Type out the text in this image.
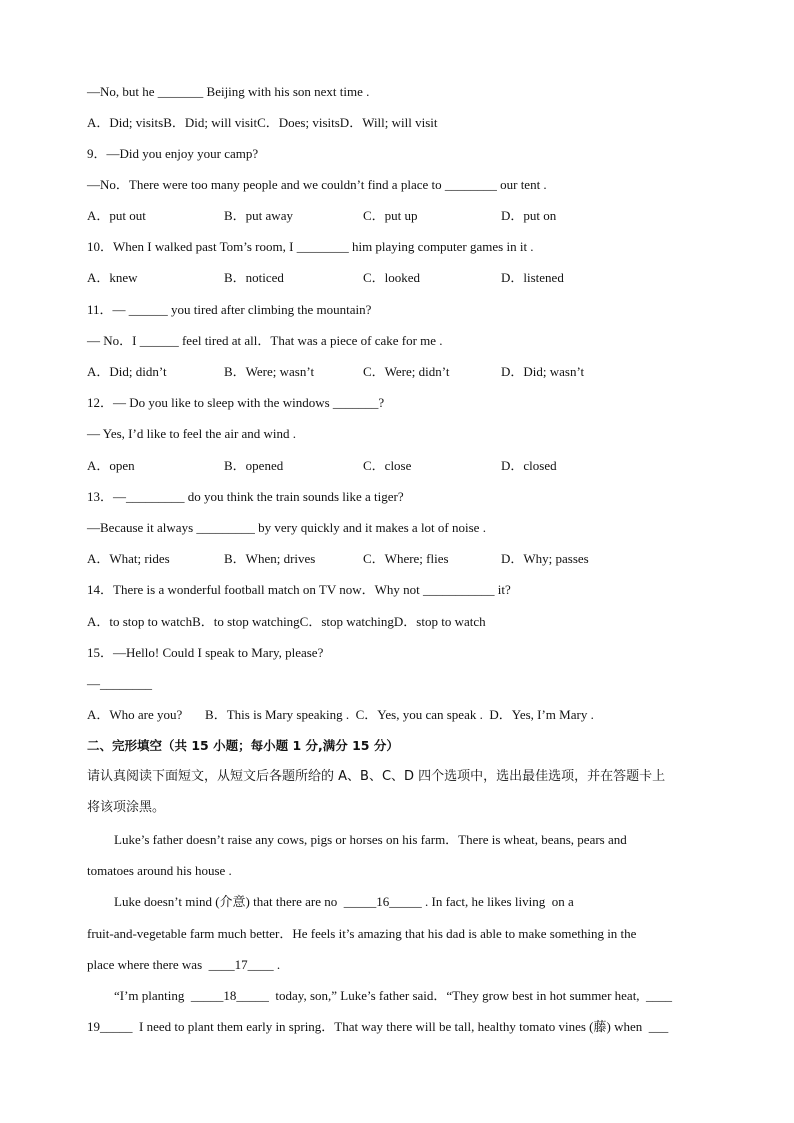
—No, but he _______ Beijing with his son next time .
A．Did; visitsB．Did; will visitC．Does; visitsD．Will; will visit
9．—Did you enjoy your camp?
—No．There were too many people and we couldn’t find a place to ________ our tent .
A．put out	B．put away	C．put up	D．put on
10．When I walked past Tom’s room, I ________ him playing computer games in it .
A．knew	B．noticed	C．looked	D．listened
11．— ______ you tired after climbing the mountain?
— No．I ______ feel tired at all．That was a piece of cake for me .
A．Did; didn’t	B．Were; wasn’t	C．Were; didn’t	D．Did; wasn’t
12．— Do you like to sleep with the windows _______?
— Yes, I’d like to feel the air and wind .
A．open	B．opened	C．close	D．closed
13．—_________ do you think the train sounds like a tiger?
—Because it always _________ by very quickly and it makes a lot of noise .
A．What; rides	B．When; drives	C．Where; flies	D．Why; passes
14．There is a wonderful football match on TV now．Why not ___________ it?
A．to stop to watchB．to stop watchingC．stop watchingD．stop to watch
15．—Hello! Could I speak to Mary, please?
—________
A．Who are you?       B．This is Mary speaking .  C．Yes, you can speak .  D．Yes, I’m Mary .
二、完形填空（共 15 小题；每小题 1 分,满分 15 分）
请认真阅读下面短文，从短文后各题所给的 A、B、C、D 四个选项中，选出最佳选项，并在答题卡上
将该项涂黑。
Luke’s father doesn’t raise any cows, pigs or horses on his farm．There is wheat, beans, pears and
tomatoes around his house .
Luke doesn’t mind (介意) that there are no  _____16_____ . In fact, he likes living  on a
fruit-and-vegetable farm much better．He feels it’s amazing that his dad is able to make something in the
place where there was  ____17____ .
“I’m planting  _____18_____  today, son,” Luke’s father said．“They grow best in hot summer heat,  ____
19_____  I need to plant them early in spring．That way there will be tall, healthy tomato vines (藤) when  ___
